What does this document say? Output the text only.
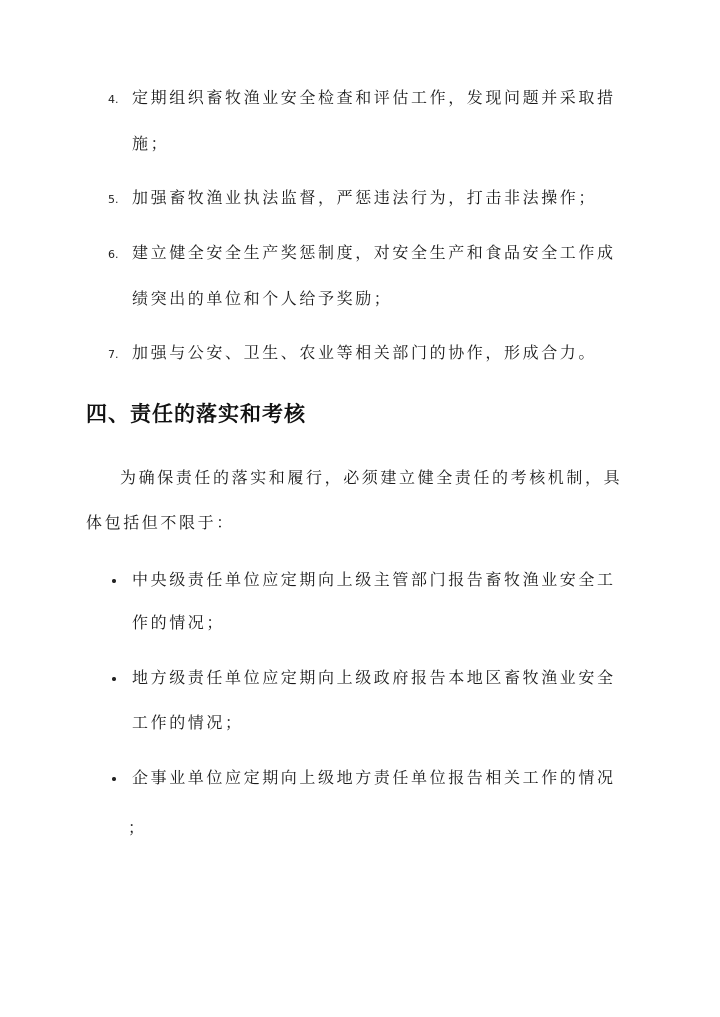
4. 定期组织畜牧渔业安全检查和评估工作，发现问题并采取措
施；
5. 加强畜牧渔业执法监督，严惩违法行为，打击非法操作；
6. 建立健全安全生产奖惩制度，对安全生产和食品安全工作成
绩突出的单位和个人给予奖励；
7. 加强与公安、卫生、农业等相关部门的协作，形成合力。
四、责任的落实和考核
为确保责任的落实和履行，必须建立健全责任的考核机制，具
体包括但不限于：
中央级责任单位应定期向上级主管部门报告畜牧渔业安全工
作的情况；
地方级责任单位应定期向上级政府报告本地区畜牧渔业安全
工作的情况；
企事业单位应定期向上级地方责任单位报告相关工作的情况
；
